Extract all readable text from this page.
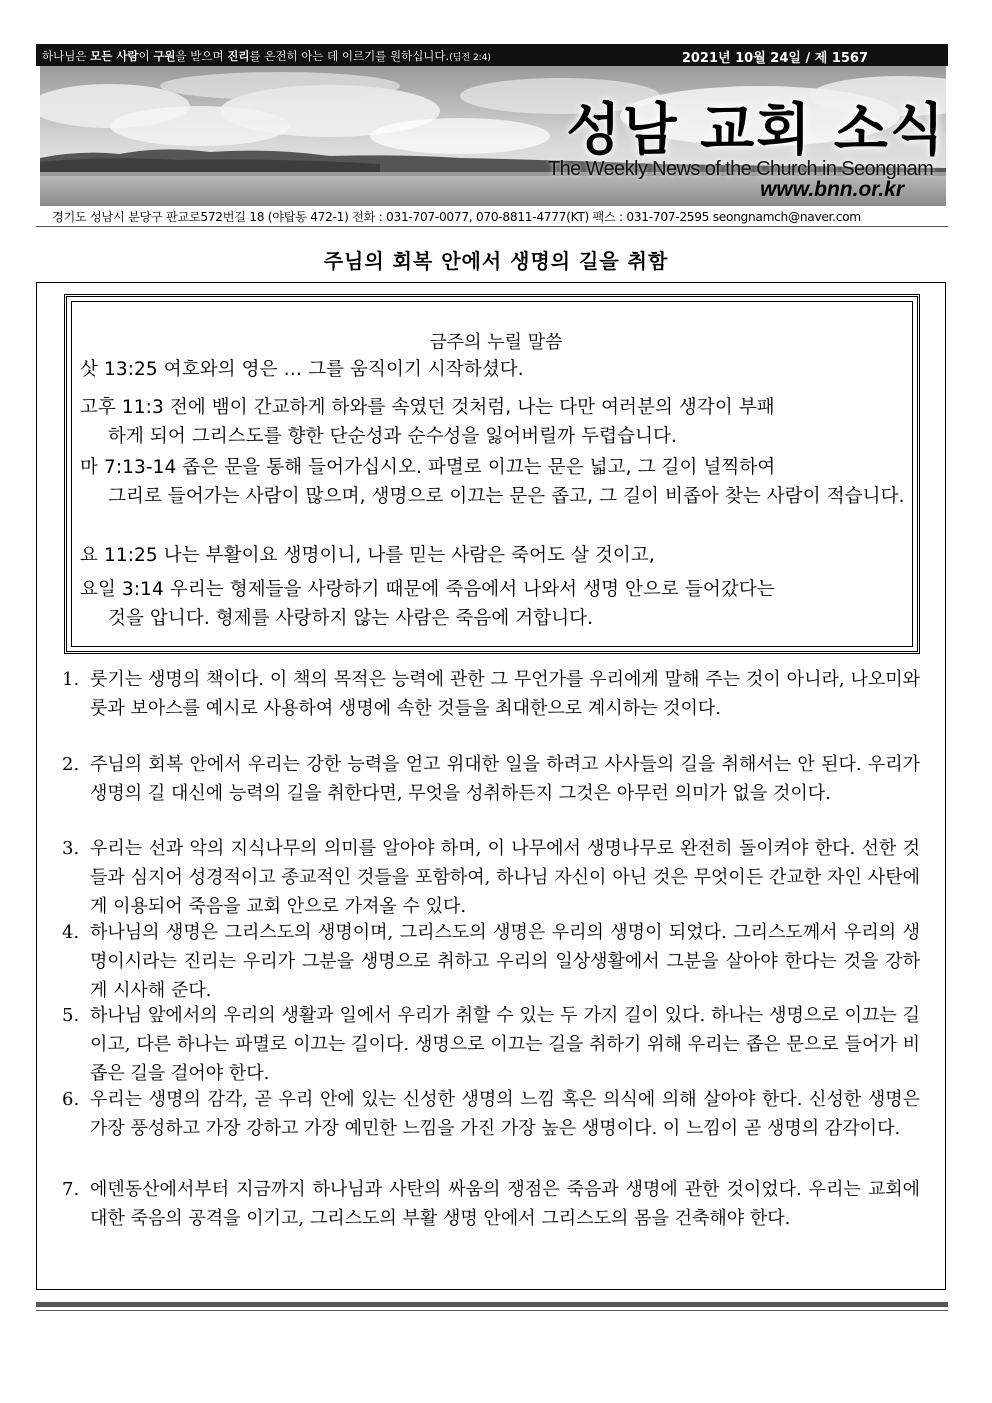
하나님은 모든 사람이 구원을 받으며 진리를 온전히 아는 데 이르기를 원하십니다.(딤전 2:4)	2021년 10월 24일 / 제 1567
성남 교회 소식
The Weekly News of the Church in Seongnam
www.bnn.or.kr
경기도 성남시 분당구 판교로572번길 18 (야탑동 472-1) 전화 : 031-707-0077, 070-8811-4777(KT) 팩스 : 031-707-2595 seongnamch@naver.com
주님의 회복 안에서 생명의 길을 취함
금주의 누릴 말씀
삿 13:25 여호와의 영은 … 그를 움직이기 시작하셨다.
고후 11:3 전에 뱀이 간교하게 하와를 속였던 것처럼, 나는 다만 여러분의 생각이 부패
하게 되어 그리스도를 향한 단순성과 순수성을 잃어버릴까 두렵습니다.
마 7:13-14 좁은 문을 통해 들어가십시오. 파멸로 이끄는 문은 넓고, 그 길이 널찍하여
그리로 들어가는 사람이 많으며, 생명으로 이끄는 문은 좁고, 그 길이 비좁아 찾는 사람이 적습니다.
요 11:25 나는 부활이요 생명이니, 나를 믿는 사람은 죽어도 살 것이고,
요일 3:14 우리는 형제들을 사랑하기 때문에 죽음에서 나와서 생명 안으로 들어갔다는
것을 압니다. 형제를 사랑하지 않는 사람은 죽음에 거합니다.
1. 룻기는 생명의 책이다. 이 책의 목적은 능력에 관한 그 무언가를 우리에게 말해 주는 것이 아니라, 나오미와 룻과 보아스를 예시로 사용하여 생명에 속한 것들을 최대한으로 계시하는 것이다.
2. 주님의 회복 안에서 우리는 강한 능력을 얻고 위대한 일을 하려고 사사들의 길을 취해서는 안 된다. 우리가 생명의 길 대신에 능력의 길을 취한다면, 무엇을 성취하든지 그것은 아무런 의미가 없을 것이다.
3. 우리는 선과 악의 지식나무의 의미를 알아야 하며, 이 나무에서 생명나무로 완전히 돌이켜야 한다. 선한 것들과 심지어 성경적이고 종교적인 것들을 포함하여, 하나님 자신이 아닌 것은 무엇이든 간교한 자인 사탄에게 이용되어 죽음을 교회 안으로 가져올 수 있다.
4. 하나님의 생명은 그리스도의 생명이며, 그리스도의 생명은 우리의 생명이 되었다. 그리스도께서 우리의 생명이시라는 진리는 우리가 그분을 생명으로 취하고 우리의 일상생활에서 그분을 살아야 한다는 것을 강하게 시사해 준다.
5. 하나님 앞에서의 우리의 생활과 일에서 우리가 취할 수 있는 두 가지 길이 있다. 하나는 생명으로 이끄는 길이고, 다른 하나는 파멸로 이끄는 길이다. 생명으로 이끄는 길을 취하기 위해 우리는 좁은 문으로 들어가 비좁은 길을 걸어야 한다.
6. 우리는 생명의 감각, 곧 우리 안에 있는 신성한 생명의 느낌 혹은 의식에 의해 살아야 한다. 신성한 생명은 가장 풍성하고 가장 강하고 가장 예민한 느낌을 가진 가장 높은 생명이다. 이 느낌이 곧 생명의 감각이다.
7. 에덴동산에서부터 지금까지 하나님과 사탄의 싸움의 쟁점은 죽음과 생명에 관한 것이었다. 우리는 교회에 대한 죽음의 공격을 이기고, 그리스도의 부활 생명 안에서 그리스도의 몸을 건축해야 한다.
